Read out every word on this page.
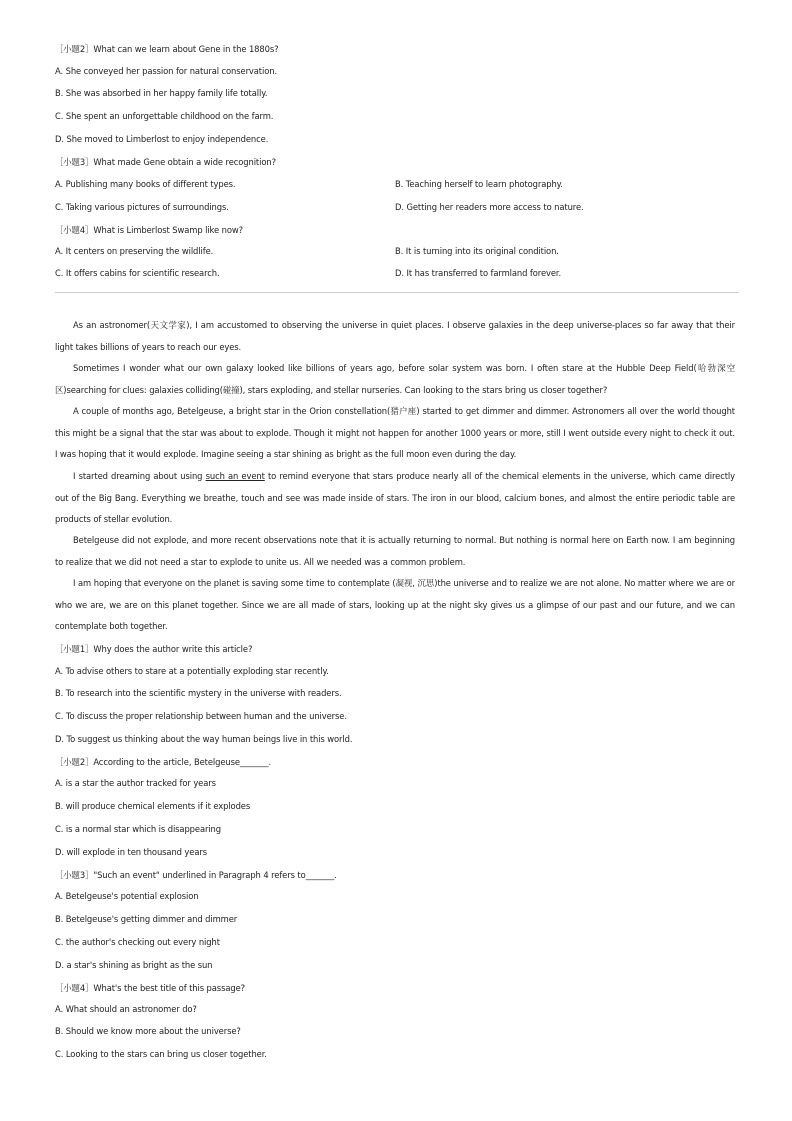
［小题2］What can we learn about Gene in the 1880s?
A. She conveyed her passion for natural conservation.
B. She was absorbed in her happy family life totally.
C. She spent an unforgettable childhood on the farm.
D. She moved to Limberlost to enjoy independence.
［小题3］What made Gene obtain a wide recognition?
A. Publishing many books of different types.	B. Teaching herself to learn photography.
C. Taking various pictures of surroundings.	D. Getting her readers more access to nature.
［小题4］What is Limberlost Swamp like now?
A. It centers on preserving the wildlife.	B. It is turning into its original condition.
C. It offers cabins for scientific research.	D. It has transferred to farmland forever.
As an astronomer(天文学家), I am accustomed to observing the universe in quiet places. I observe galaxies in the deep universe-places so far away that their light takes billions of years to reach our eyes.
Sometimes I wonder what our own galaxy looked like billions of years ago, before solar system was born. I often stare at the Hubble Deep Field(哈勃深空区)searching for clues: galaxies colliding(碰撞), stars exploding, and stellar nurseries. Can looking to the stars bring us closer together?
A couple of months ago, Betelgeuse, a bright star in the Orion constellation(猎户座) started to get dimmer and dimmer. Astronomers all over the world thought this might be a signal that the star was about to explode. Though it might not happen for another 1000 years or more, still I went outside every night to check it out. I was hoping that it would explode. Imagine seeing a star shining as bright as the full moon even during the day.
I started dreaming about using such an event to remind everyone that stars produce nearly all of the chemical elements in the universe, which came directly out of the Big Bang. Everything we breathe, touch and see was made inside of stars. The iron in our blood, calcium bones, and almost the entire periodic table are products of stellar evolution.
Betelgeuse did not explode, and more recent observations note that it is actually returning to normal. But nothing is normal here on Earth now. I am beginning to realize that we did not need a star to explode to unite us. All we needed was a common problem.
I am hoping that everyone on the planet is saving some time to contemplate (凝视, 沉思)the universe and to realize we are not alone. No matter where we are or who we are, we are on this planet together. Since we are all made of stars, looking up at the night sky gives us a glimpse of our past and our future, and we can contemplate both together.
［小题1］Why does the author write this article?
A. To advise others to stare at a potentially exploding star recently.
B. To research into the scientific mystery in the universe with readers.
C. To discuss the proper relationship between human and the universe.
D. To suggest us thinking about the way human beings live in this world.
［小题2］According to the article, Betelgeuse_______.
A. is a star the author tracked for years
B. will produce chemical elements if it explodes
C. is a normal star which is disappearing
D. will explode in ten thousand years
［小题3］"Such an event" underlined in Paragraph 4 refers to_______.
A. Betelgeuse's potential explosion
B. Betelgeuse's getting dimmer and dimmer
C. the author's checking out every night
D. a star's shining as bright as the sun
［小题4］What's the best title of this passage?
A. What should an astronomer do?
B. Should we know more about the universe?
C. Looking to the stars can bring us closer together.
